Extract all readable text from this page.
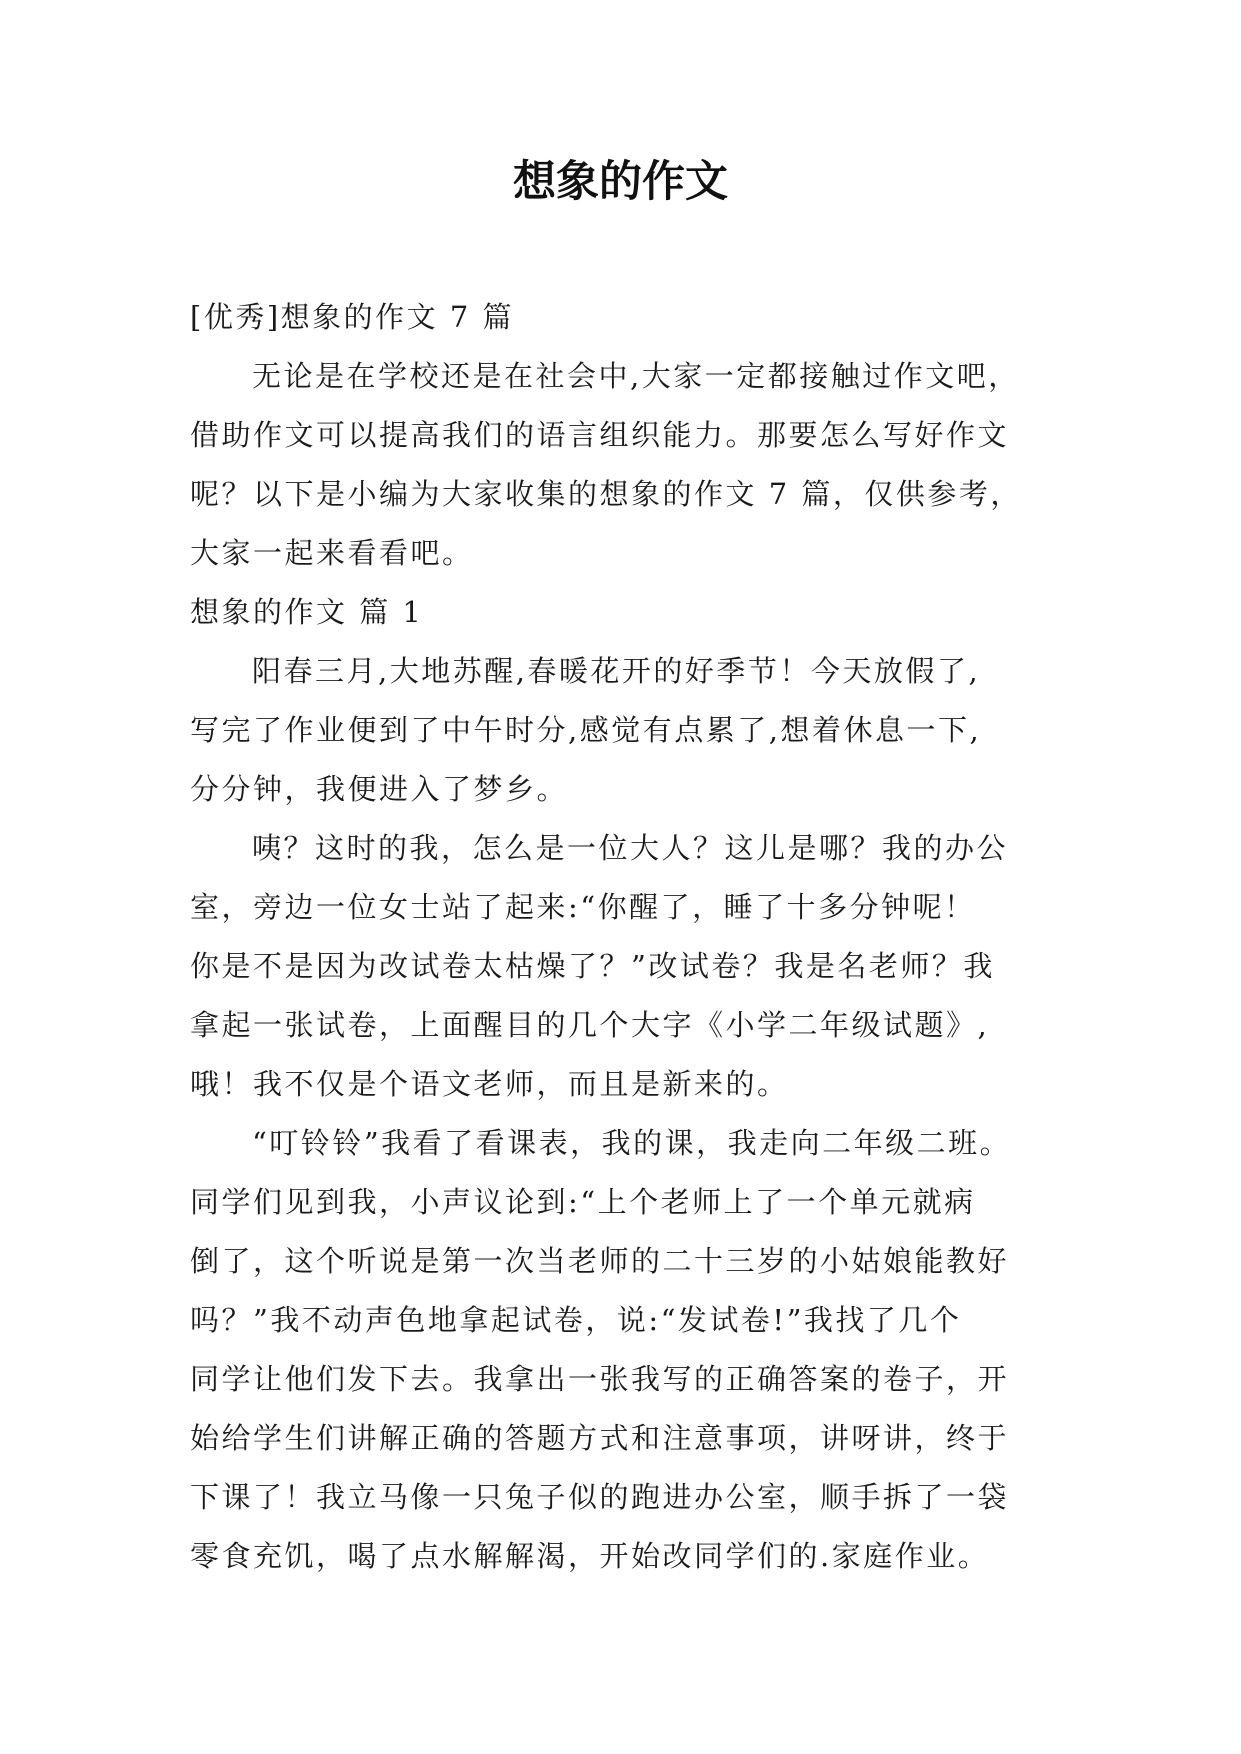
想象的作文
[优秀]想象的作文 7 篇
无论是在学校还是在社会中,大家一定都接触过作文吧，
借助作文可以提高我们的语言组织能力。那要怎么写好作文
呢？以下是小编为大家收集的想象的作文 7 篇，仅供参考，
大家一起来看看吧。
想象的作文 篇 1
阳春三月,大地苏醒,春暖花开的好季节！今天放假了,
写完了作业便到了中午时分,感觉有点累了,想着休息一下,
分分钟，我便进入了梦乡。
咦？这时的我，怎么是一位大人？这儿是哪？我的办公
室，旁边一位女士站了起来:“你醒了，睡了十多分钟呢！
你是不是因为改试卷太枯燥了？”改试卷？我是名老师？我
拿起一张试卷，上面醒目的几个大字《小学二年级试题》,
哦！我不仅是个语文老师，而且是新来的。
“叮铃铃”我看了看课表，我的课，我走向二年级二班。
同学们见到我，小声议论到:“上个老师上了一个单元就病
倒了，这个听说是第一次当老师的二十三岁的小姑娘能教好
吗？”我不动声色地拿起试卷，说:“发试卷!”我找了几个
同学让他们发下去。我拿出一张我写的正确答案的卷子，开
始给学生们讲解正确的答题方式和注意事项，讲呀讲，终于
下课了！我立马像一只兔子似的跑进办公室，顺手拆了一袋
零食充饥，喝了点水解解渴，开始改同学们的.家庭作业。
